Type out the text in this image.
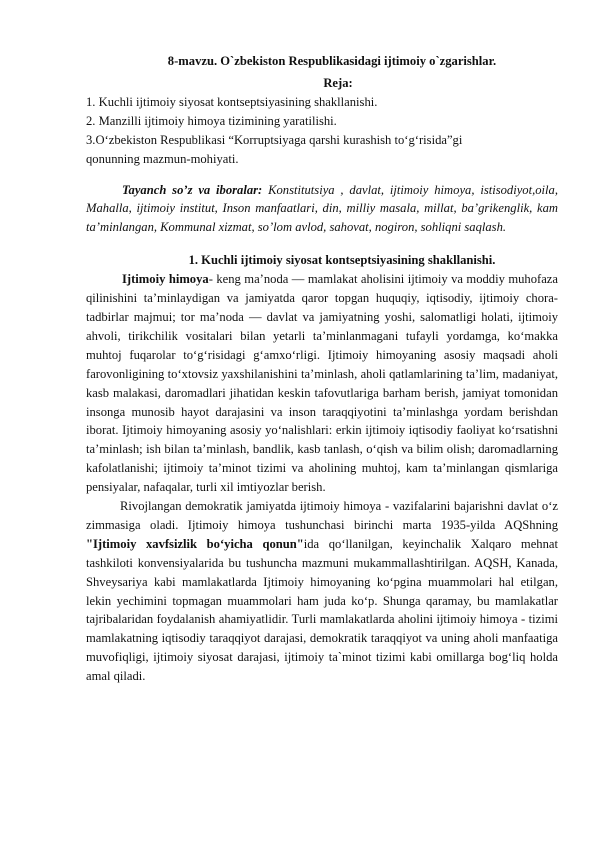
8-mavzu. O`zbekiston Respublikasidagi ijtimoiy o`zgarishlar.

Reja:

1. Kuchli ijtimoiy siyosat kontseptsiyasining shakllanishi.

2. Manzilli ijtimoiy himoya tizimining yaratilishi.

3.O‘zbekiston Respublikasi “Korruptsiyaga qarshi kurashish to‘g‘risida”gi

qonunning mazmun-mohiyati.

Tayanch so’z va iboralar: Konstitutsiya , davlat, ijtimoiy himoya, istisodiyot,oila, Mahalla, ijtimoiy institut, Inson manfaatlari, din, milliy masala, millat, ba’grikenglik, kam ta’minlangan, Kommunal xizmat, so’lom avlod, sahovat, nogiron, sohliqni saqlash.

1. Kuchli ijtimoiy siyosat kontseptsiyasining shakllanishi.

Ijtimoiy himoya- keng ma’noda — mamlakat aholisini ijtimoiy va moddiy muhofaza qilinishini ta’minlaydigan va jamiyatda qaror topgan huquqiy, iqtisodiy, ijtimoiy chora-tadbirlar majmui; tor ma’noda — davlat va jamiyatning yoshi, salomatligi holati, ijtimoiy ahvoli, tirikchilik vositalari bilan yetarli ta’minlanmagani tufayli yordamga, ko‘makka muhtoj fuqarolar to‘g‘risidagi g‘amxo‘rligi. Ijtimoiy himoyaning asosiy maqsadi aholi farovonligining to‘xtovsiz yaxshilanishini ta’minlash, aholi qatlamlarining ta’lim, madaniyat, kasb malakasi, daromadlari jihatidan keskin tafovutlariga barham berish, jamiyat tomonidan insonga munosib hayot darajasini va inson taraqqiyotini ta’minlashga yordam berishdan iborat. Ijtimoiy himoyaning asosiy yo‘nalishlari: erkin ijtimoiy iqtisodiy faoliyat ko‘rsatishni ta’minlash; ish bilan ta’minlash, bandlik, kasb tanlash, o‘qish va bilim olish; daromadlarning kafolatlanishi; ijtimoiy ta’minot tizimi va aholining muhtoj, kam ta’minlangan qismlariga pensiyalar, nafaqalar, turli xil imtiyozlar berish.

Rivojlangan demokratik jamiyatda ijtimoiy himoya - vazifalarini bajarishni davlat o‘z zimmasiga oladi. Ijtimoiy himoya tushunchasi birinchi marta 1935-yilda AQShning "Ijtimoiy xavfsizlik bo‘yicha qonun"ida qo‘llanilgan, keyinchalik Xalqaro mehnat tashkiloti konvensiyalarida bu tushuncha mazmuni mukammallashtirilgan. AQSH, Kanada, Shveysariya kabi mamlakatlarda Ijtimoiy himoyaning ko‘pgina muammolari hal etilgan, lekin yechimini topmagan muammolari ham juda ko‘p. Shunga qaramay, bu mamlakatlar tajribalaridan foydalanish ahamiyatlidir. Turli mamlakatlarda aholini ijtimoiy himoya - tizimi mamlakatning iqtisodiy taraqqiyot darajasi, demokratik taraqqiyot va uning aholi manfaatiga muvofiqligi, ijtimoiy siyosat darajasi, ijtimoiy ta`minot tizimi kabi omillarga bog‘liq holda amal qiladi.
